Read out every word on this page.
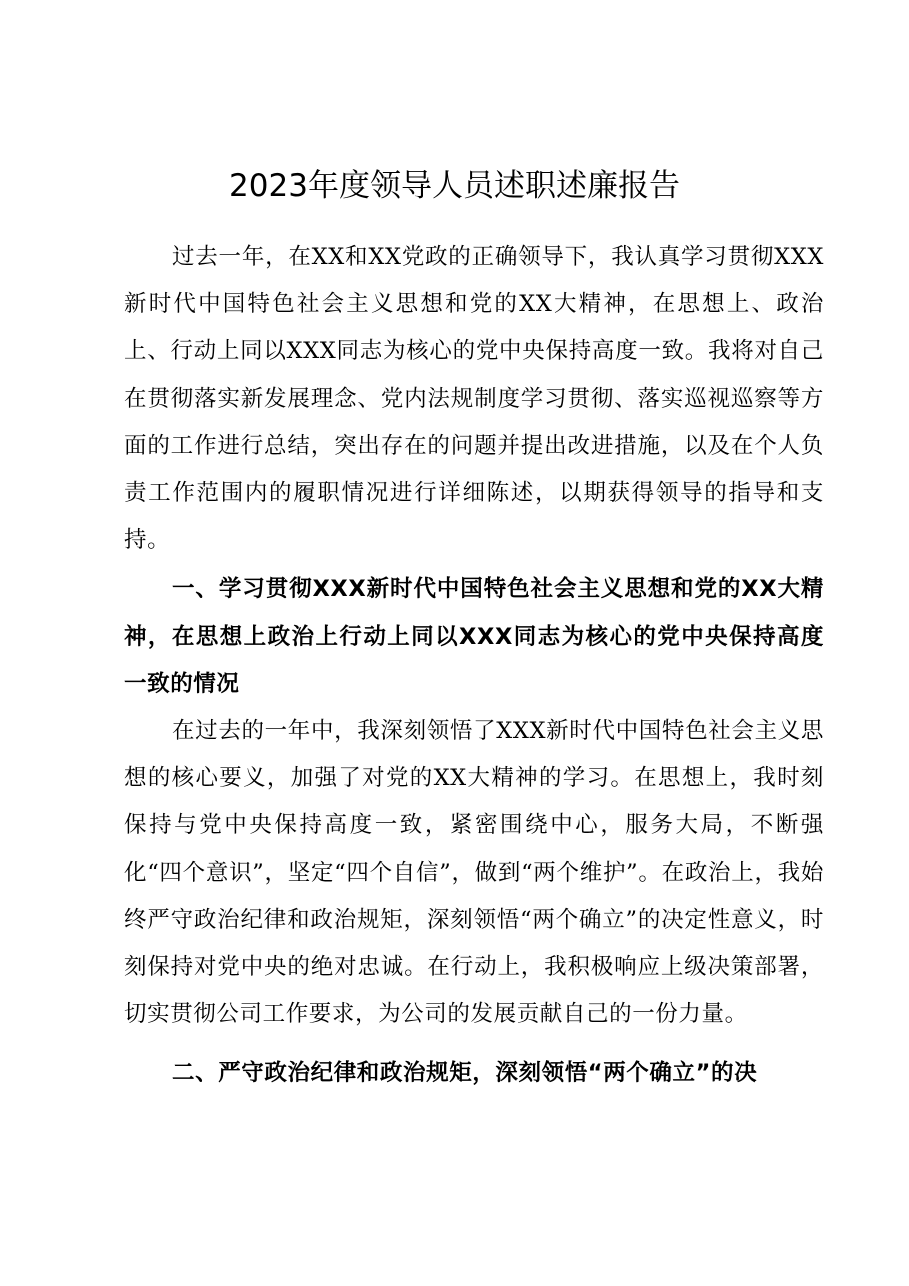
2023年度领导人员述职述廉报告

过去一年，在XX和XX党政的正确领导下，我认真学习贯彻XXX新时代中国特色社会主义思想和党的XX大精神，在思想上、政治上、行动上同以XXX同志为核心的党中央保持高度一致。我将对自己在贯彻落实新发展理念、党内法规制度学习贯彻、落实巡视巡察等方面的工作进行总结，突出存在的问题并提出改进措施，以及在个人负责工作范围内的履职情况进行详细陈述，以期获得领导的指导和支持。

一、学习贯彻XXX新时代中国特色社会主义思想和党的XX大精神，在思想上政治上行动上同以XXX同志为核心的党中央保持高度一致的情况

在过去的一年中，我深刻领悟了XXX新时代中国特色社会主义思想的核心要义，加强了对党的XX大精神的学习。在思想上，我时刻保持与党中央保持高度一致，紧密围绕中心，服务大局，不断强化“四个意识”，坚定“四个自信”，做到“两个维护”。在政治上，我始终严守政治纪律和政治规矩，深刻领悟“两个确立”的决定性意义，时刻保持对党中央的绝对忠诚。在行动上，我积极响应上级决策部署，切实贯彻公司工作要求，为公司的发展贡献自己的一份力量。

二、严守政治纪律和政治规矩，深刻领悟“两个确立”的决
